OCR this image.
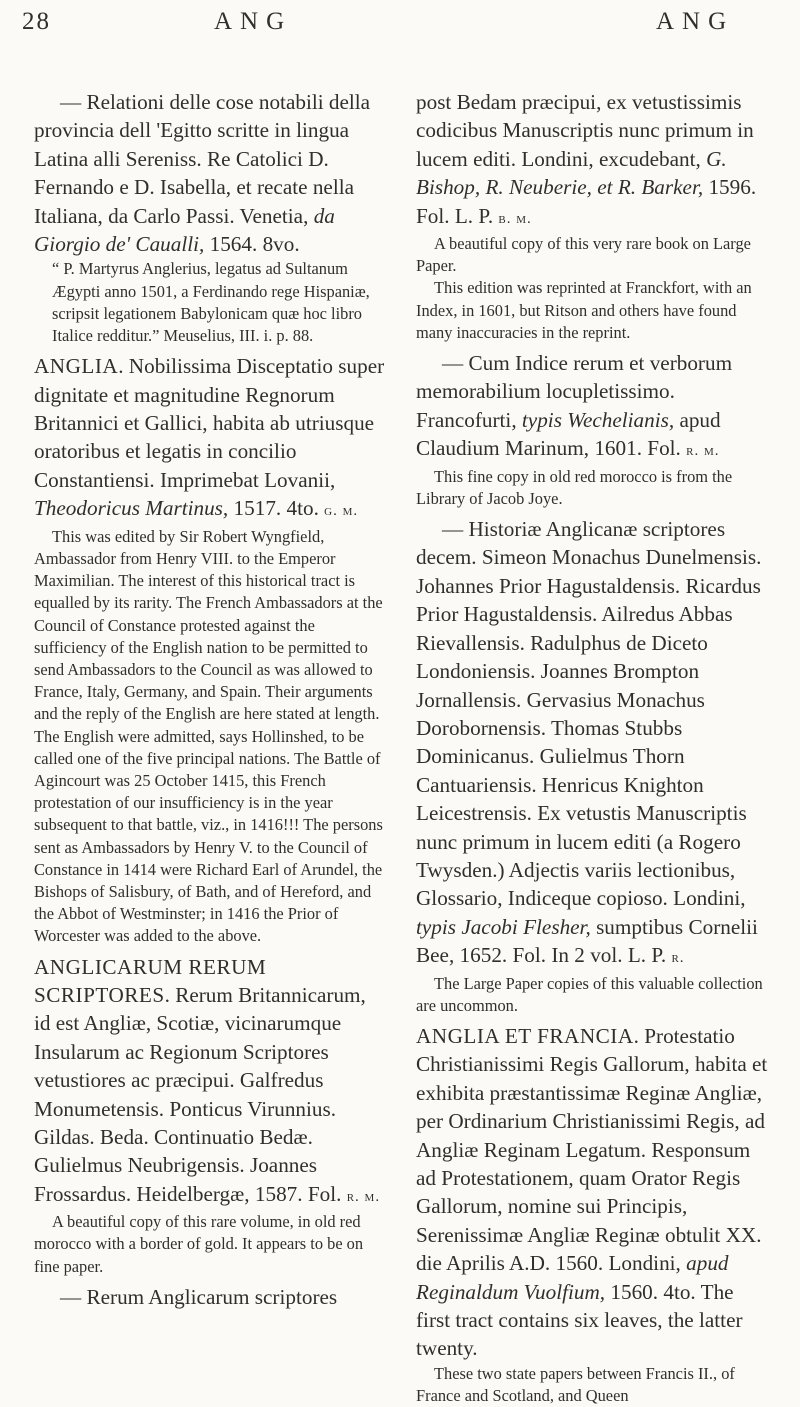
28	ANG	ANG

— Relationi delle cose notabili della provincia dell 'Egitto scritte in lingua Latina alli Sereniss. Re Catolici D. Fernando e D. Isabella, et recate nella Italiana, da Carlo Passi. Venetia, da Giorgio de' Caualli, 1564. 8vo.

“ P. Martyrus Anglerius, legatus ad Sultanum Ægypti anno 1501, a Ferdinando rege Hispaniæ, scripsit legationem Babylonicam quæ hoc libro Italice redditur.” Meuselius, III. i. p. 88.

ANGLIA. Nobilissima Disceptatio super dignitate et magnitudine Regnorum Britannici et Gallici, habita ab utriusque oratoribus et legatis in concilio Constantiensi. Imprimebat Lovanii, Theodoricus Martinus, 1517. 4to. g. m.

This was edited by Sir Robert Wyngfield, Ambassador from Henry VIII. to the Emperor Maximilian. The interest of this historical tract is equalled by its rarity. The French Ambassadors at the Council of Constance protested against the sufficiency of the English nation to be permitted to send Ambassadors to the Council as was allowed to France, Italy, Germany, and Spain. Their arguments and the reply of the English are here stated at length. The English were admitted, says Hollinshed, to be called one of the five principal nations. The Battle of Agincourt was 25 October 1415, this French protestation of our insufficiency is in the year subsequent to that battle, viz., in 1416!!! The persons sent as Ambassadors by Henry V. to the Council of Constance in 1414 were Richard Earl of Arundel, the Bishops of Salisbury, of Bath, and of Hereford, and the Abbot of Westminster; in 1416 the Prior of Worcester was added to the above.

ANGLICARUM RERUM SCRIPTORES. Rerum Britannicarum, id est Angliæ, Scotiæ, vicinarumque Insularum ac Regionum Scriptores vetustiores ac præcipui. Galfredus Monumetensis. Ponticus Virunnius. Gildas. Beda. Continuatio Bedæ. Gulielmus Neubrigensis. Joannes Frossardus. Heidelbergæ, 1587. Fol. r. m.

A beautiful copy of this rare volume, in old red morocco with a border of gold. It appears to be on fine paper.

— Rerum Anglicarum scriptores

post Bedam præcipui, ex vetustissimis codicibus Manuscriptis nunc primum in lucem editi. Londini, excudebant, G. Bishop, R. Neuberie, et R. Barker, 1596. Fol. L. P. b. m.

A beautiful copy of this very rare book on Large Paper.

This edition was reprinted at Franckfort, with an Index, in 1601, but Ritson and others have found many inaccuracies in the reprint.

— Cum Indice rerum et verborum memorabilium locupletissimo. Francofurti, typis Wechelianis, apud Claudium Marinum, 1601. Fol. r. m.

This fine copy in old red morocco is from the Library of Jacob Joye.

— Historiæ Anglicanæ scriptores decem. Simeon Monachus Dunelmensis. Johannes Prior Hagustaldensis. Ricardus Prior Hagustaldensis. Ailredus Abbas Rievallensis. Radulphus de Diceto Londoniensis. Joannes Brompton Jornallensis. Gervasius Monachus Dorobornensis. Thomas Stubbs Dominicanus. Gulielmus Thorn Cantuariensis. Henricus Knighton Leicestrensis. Ex vetustis Manuscriptis nunc primum in lucem editi (a Rogero Twysden.) Adjectis variis lectionibus, Glossario, Indiceque copioso. Londini, typis Jacobi Flesher, sumptibus Cornelii Bee, 1652. Fol. In 2 vol. L. P. r.

The Large Paper copies of this valuable collection are uncommon.

ANGLIA ET FRANCIA. Protestatio Christianissimi Regis Gallorum, habita et exhibita præstantissimæ Reginæ Angliæ, per Ordinarium Christianissimi Regis, ad Angliæ Reginam Legatum. Responsum ad Protestationem, quam Orator Regis Gallorum, nomine sui Principis, Serenissimæ Angliæ Reginæ obtulit XX. die Aprilis A.D. 1560. Londini, apud Reginaldum Vuolfium, 1560. 4to. The first tract contains six leaves, the latter twenty.

These two state papers between Francis II., of France and Scotland, and Queen
